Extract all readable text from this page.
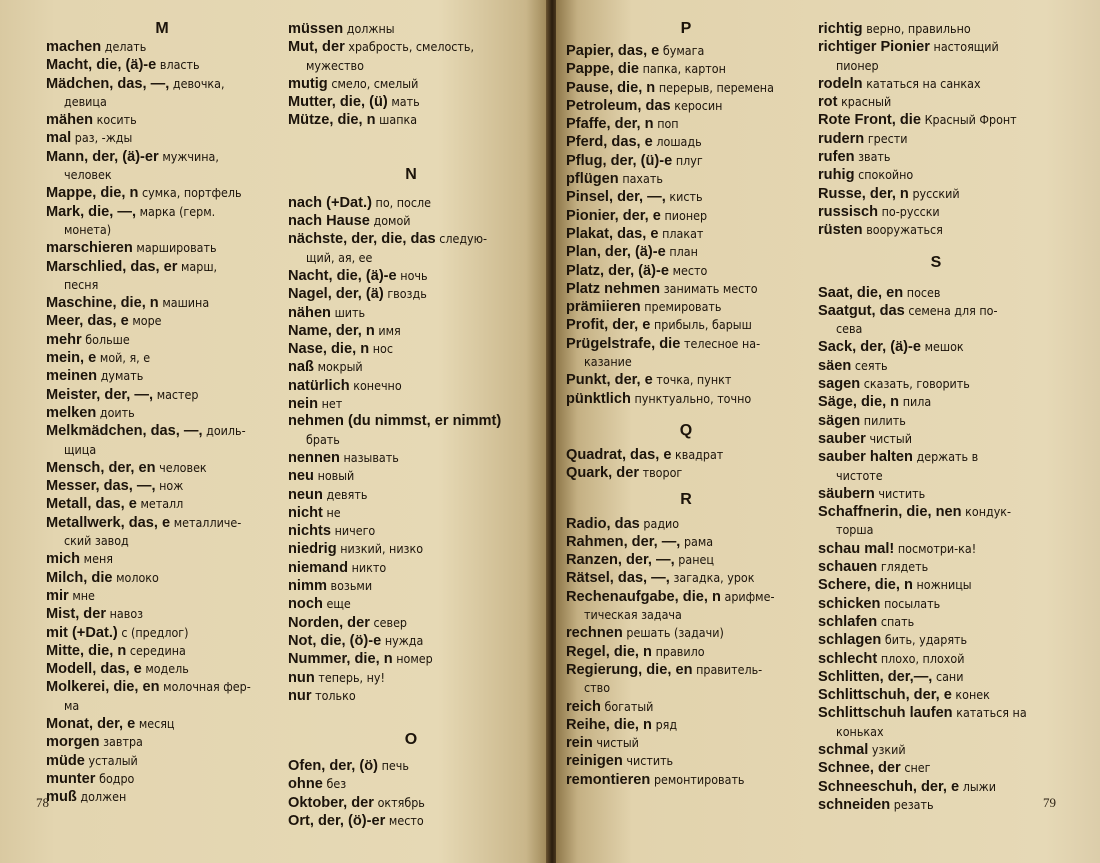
M
machen делать
Macht, die, (ä)-e власть
Mädchen, das, —, девочка,
девица
mähen косить
mal раз, -жды
Mann, der, (ä)-er мужчина,
человек
Mappe, die, n сумка, портфель
Mark, die, —, марка (герм.
монета)
marschieren маршировать
Marschlied, das, er марш,
песня
Maschine, die, n машина
Meer, das, e море
mehr больше
mein, e мой, я, е
meinen думать
Meister, der, —, мастер
melken доить
Melkmädchen, das, —, доиль-
щица
Mensch, der, en человек
Messer, das, —, нож
Metall, das, e металл
Metallwerk, das, e металличе-
ский завод
mich меня
Milch, die молоко
mir мне
Mist, der навоз
mit (+Dat.) с (предлог)
Mitte, die, n середина
Modell, das, e модель
Molkerei, die, en молочная фер-
ма
Monat, der, e месяц
morgen завтра
müde усталый
munter бодро
muß должен
müssen должны
Mut, der храбрость, смелость,
мужество
mutig смело, смелый
Mutter, die, (ü) мать
Mütze, die, n шапка
N
nach (+Dat.) по, после
nach Hause домой
nächste, der, die, das следую-
щий, ая, ее
Nacht, die, (ä)-e ночь
Nagel, der, (ä) гвоздь
nähen шить
Name, der, n имя
Nase, die, n нос
naß мокрый
natürlich конечно
nein нет
nehmen (du nimmst, er nimmt)
брать
nennen называть
neu новый
neun девять
nicht не
nichts ничего
niedrig низкий, низко
niemand никто
nimm возьми
noch еще
Norden, der север
Not, die, (ö)-e нужда
Nummer, die, n номер
nun теперь, ну!
nur только
O
Ofen, der, (ö) печь
ohne без
Oktober, der октябрь
Ort, der, (ö)-er место
78
P
Papier, das, e бумага
Pappe, die папка, картон
Pause, die, n перерыв, перемена
Petroleum, das керосин
Pfaffe, der, n поп
Pferd, das, e лошадь
Pflug, der, (ü)-e плуг
pflügen пахать
Pinsel, der, —, кисть
Pionier, der, e пионер
Plakat, das, e плакат
Plan, der, (ä)-e план
Platz, der, (ä)-e место
Platz nehmen занимать место
prämiieren премировать
Profit, der, e прибыль, барыш
Prügelstrafe, die телесное на-
казание
Punkt, der, e точка, пункт
pünktlich пунктуально, точно
Q
Quadrat, das, e квадрат
Quark, der творог
R
Radio, das радио
Rahmen, der, —, рама
Ranzen, der, —, ранец
Rätsel, das, —, загадка, урок
Rechenaufgabe, die, n арифме-
тическая задача
rechnen решать (задачи)
Regel, die, n правило
Regierung, die, en правитель-
ство
reich богатый
Reihe, die, n ряд
rein чистый
reinigen чистить
remontieren ремонтировать
richtig верно, правильно
richtiger Pionier настоящий
пионер
rodeln кататься на санках
rot красный
Rote Front, die Красный Фронт
rudern грести
rufen звать
ruhig спокойно
Russe, der, n русский
russisch по-русски
rüsten вооружаться
S
Saat, die, en посев
Saatgut, das семена для по-
сева
Sack, der, (ä)-e мешок
säen сеять
sagen сказать, говорить
Säge, die, n пила
sägen пилить
sauber чистый
sauber halten держать в
чистоте
säubern чистить
Schaffnerin, die, nen кондук-
торша
schau mal! посмотри-ка!
schauen глядеть
Schere, die, n ножницы
schicken посылать
schlafen спать
schlagen бить, ударять
schlecht плохо, плохой
Schlitten, der,—, сани
Schlittschuh, der, e конек
Schlittschuh laufen кататься на
коньках
schmal узкий
Schnee, der снег
Schneeschuh, der, e лыжи
schneiden резать	79
